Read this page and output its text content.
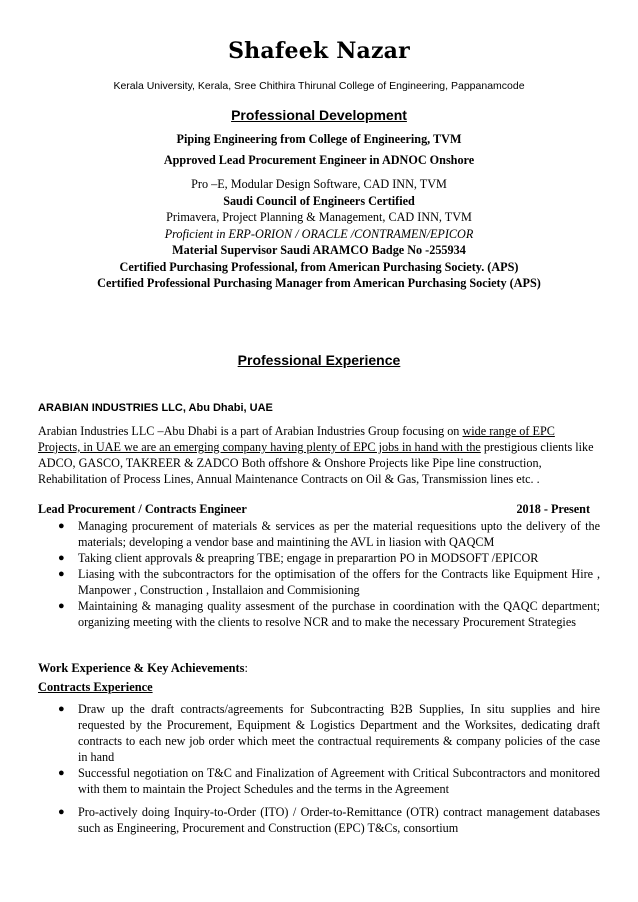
Shafeek Nazar
Kerala University, Kerala, Sree Chithira Thirunal College of Engineering, Pappanamcode
Professional Development
Piping Engineering from College of Engineering, TVM
Approved Lead Procurement Engineer in ADNOC Onshore
Pro –E, Modular Design Software, CAD INN, TVM
Saudi Council of Engineers Certified
Primavera, Project Planning & Management, CAD INN, TVM
Proficient in ERP-ORION / ORACLE /CONTRAMEN/EPICOR
Material Supervisor Saudi ARAMCO Badge No -255934
Certified Purchasing Professional, from American Purchasing Society. (APS)
Certified Professional Purchasing Manager from American Purchasing Society (APS)
Professional Experience
ARABIAN INDUSTRIES LLC, Abu Dhabi, UAE
Arabian Industries LLC –Abu Dhabi is a part of Arabian Industries Group focusing on wide range of EPC Projects, in UAE we are an emerging company having plenty of EPC jobs in hand with the prestigious clients like ADCO, GASCO, TAKREER & ZADCO Both offshore & Onshore Projects like Pipe line construction, Rehabilitation of Process Lines, Annual Maintenance Contracts on Oil & Gas, Transmission lines etc. .
Lead Procurement / Contracts Engineer	2018 - Present
● Managing procurement of materials & services as per the material requesitions upto the delivery of the materials; developing a vendor base and maintining the AVL in liasion with QAQCM
● Taking client approvals & preapring TBE; engage in preparartion PO in MODSOFT /EPICOR
● Liasing with the subcontractors for the optimisation of the offers for the Contracts like Equipment Hire , Manpower , Construction , Installaion and Commisioning
● Maintaining & managing quality assesment of the purchase in coordination with the QAQC department; organizing meeting with the clients to resolve NCR and to make the necessary Procurement Strategies
Work Experience & Key Achievements:
Contracts Experience
● Draw up the draft contracts/agreements for Subcontracting B2B Supplies, In situ supplies and hire requested by the Procurement, Equipment & Logistics Department and the Worksites, dedicating draft contracts to each new job order which meet the contractual requirements & company policies of the case in hand
● Successful negotiation on T&C and Finalization of Agreement with Critical Subcontractors and monitored with them to maintain the Project Schedules and the terms in the Agreement
● Pro-actively doing Inquiry-to-Order (ITO) / Order-to-Remittance (OTR) contract management databases such as Engineering, Procurement and Construction (EPC) T&Cs, consortium
